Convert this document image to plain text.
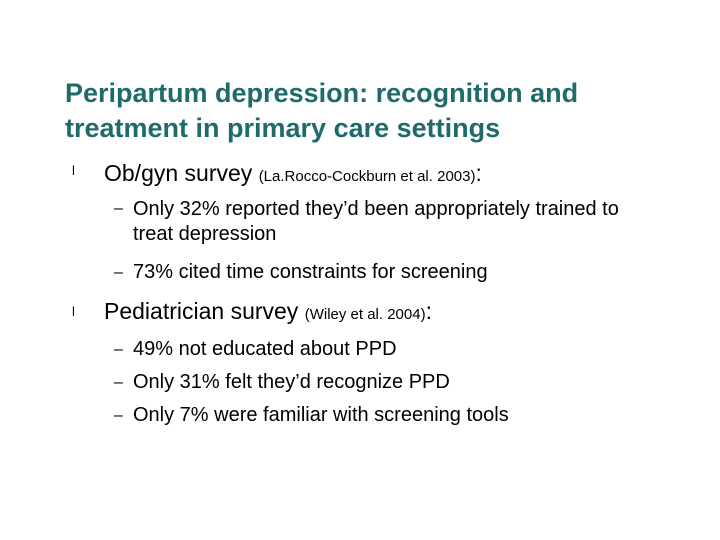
Peripartum depression: recognition and treatment in primary care settings
l Ob/gyn survey (La.Rocco-Cockburn et al. 2003):
– Only 32% reported they’d been appropriately trained to treat depression
– 73% cited time constraints for screening
l Pediatrician survey (Wiley et al. 2004):
– 49% not educated about PPD
– Only 31% felt they’d recognize PPD
– Only 7% were familiar with screening tools
